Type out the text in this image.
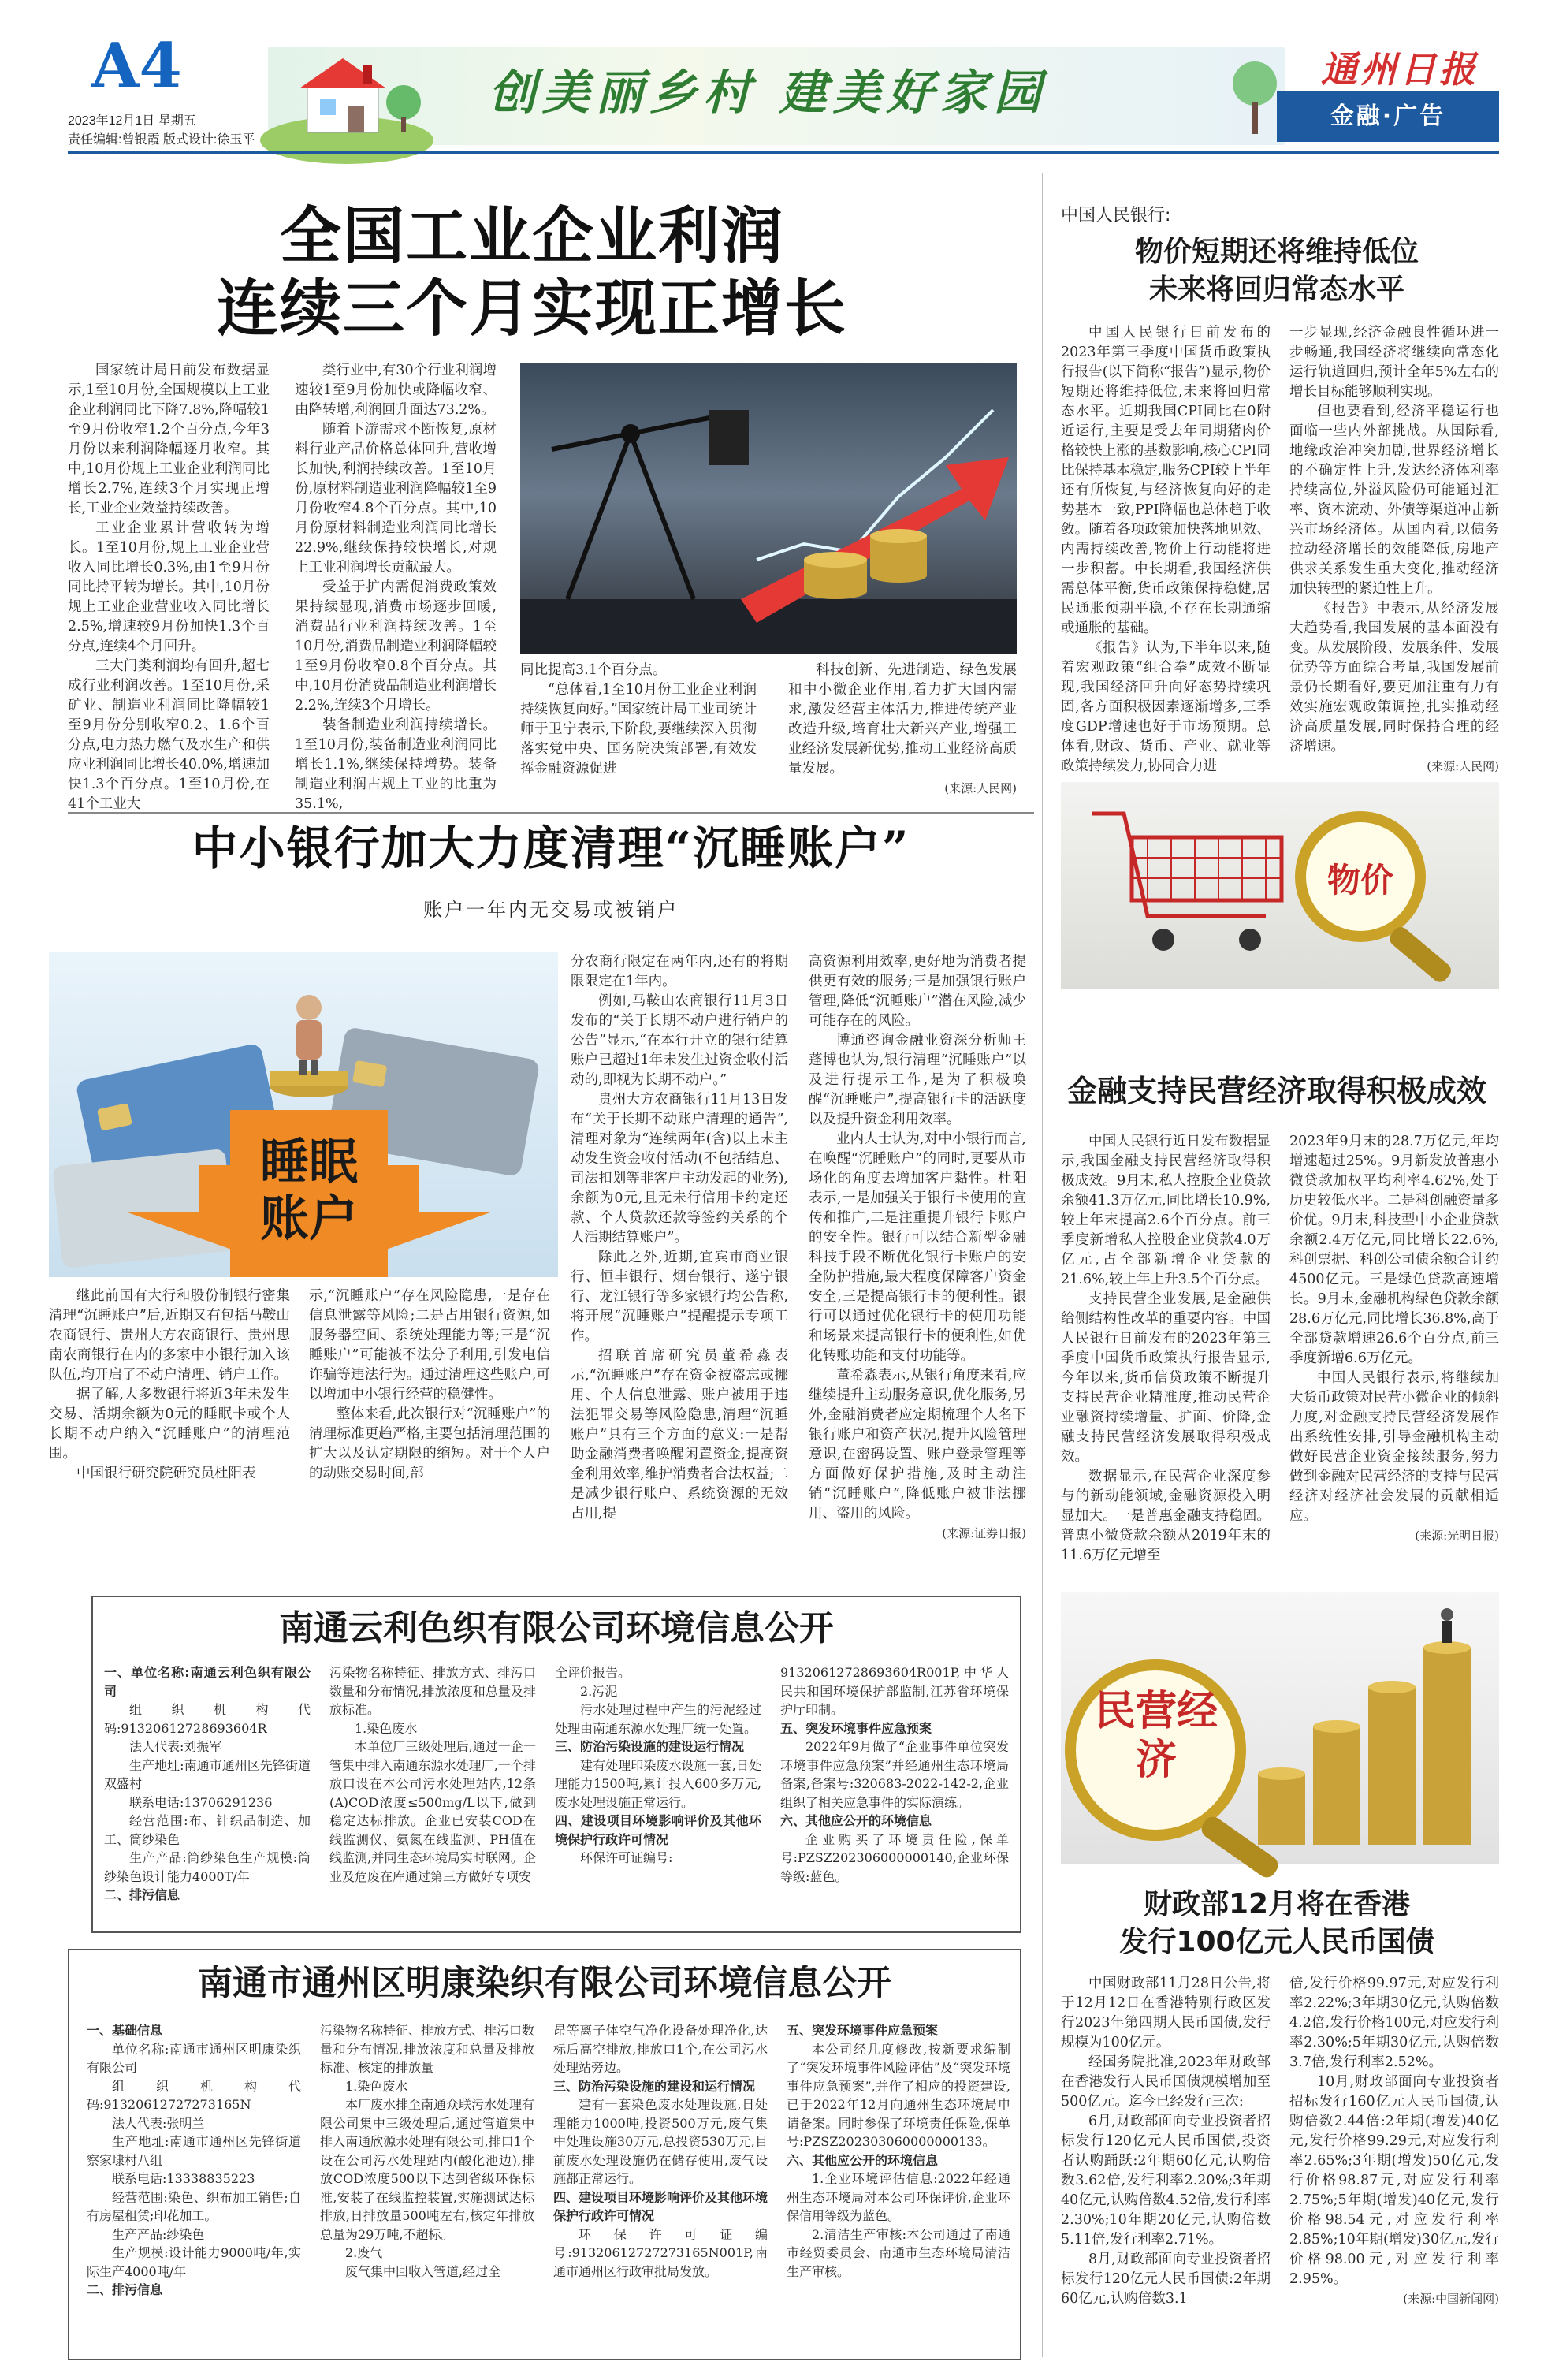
A4
2023年12月1日 星期五
责任编辑:曾银霞 版式设计:徐玉平
创美丽乡村 建美好家园	通州日报
金融·广告
全国工业企业利润
连续三个月实现正增长

国家统计局日前发布数据显示,1至10月份,全国规模以上工业企业利润同比下降7.8%,降幅较1至9月份收窄1.2个百分点,今年3月份以来利润降幅逐月收窄。其中,10月份规上工业企业利润同比增长2.7%,连续3个月实现正增长,工业企业效益持续改善。

工业企业累计营收转为增长。1至10月份,规上工业企业营收入同比增长0.3%,由1至9月份同比持平转为增长。其中,10月份规上工业企业营业收入同比增长2.5%,增速较9月份加快1.3个百分点,连续4个月回升。

三大门类利润均有回升,超七成行业利润改善。1至10月份,采矿业、制造业利润同比降幅较1至9月份分别收窄0.2、1.6个百分点,电力热力燃气及水生产和供应业利润同比增长40.0%,增速加快1.3个百分点。1至10月份,在41个工业大

类行业中,有30个行业利润增速较1至9月份加快或降幅收窄、由降转增,利润回升面达73.2%。

随着下游需求不断恢复,原材料行业产品价格总体回升,营收增长加快,利润持续改善。1至10月份,原材料制造业利润降幅较1至9月份收窄4.8个百分点。其中,10月份原材料制造业利润同比增长22.9%,继续保持较快增长,对规上工业利润增长贡献最大。

受益于扩内需促消费政策效果持续显现,消费市场逐步回暖,消费品行业利润持续改善。1至10月份,消费品制造业利润降幅较1至9月份收窄0.8个百分点。其中,10月份消费品制造业利润增长2.2%,连续3个月增长。

装备制造业利润持续增长。1至10月份,装备制造业利润同比增长1.1%,继续保持增势。装备制造业利润占规上工业的比重为35.1%,

同比提高3.1个百分点。

“总体看,1至10月份工业企业利润持续恢复向好。”国家统计局工业司统计师于卫宁表示,下阶段,要继续深入贯彻落实党中央、国务院决策部署,有效发挥金融资源促进

科技创新、先进制造、绿色发展和中小微企业作用,着力扩大国内需求,激发经营主体活力,推进传统产业改造升级,培育壮大新兴产业,增强工业经济发展新优势,推动工业经济高质量发展。

(来源:人民网)
中国人民银行:
物价短期还将维持低位
未来将回归常态水平

中国人民银行日前发布的2023年第三季度中国货币政策执行报告(以下简称“报告”)显示,物价短期还将维持低位,未来将回归常态水平。近期我国CPI同比在0附近运行,主要是受去年同期猪肉价格较快上涨的基数影响,核心CPI同比保持基本稳定,服务CPI较上半年还有所恢复,与经济恢复向好的走势基本一致,PPI降幅也总体趋于收敛。随着各项政策加快落地见效、内需持续改善,物价上行动能将进一步积蓄。中长期看,我国经济供需总体平衡,货币政策保持稳健,居民通胀预期平稳,不存在长期通缩或通胀的基础。

《报告》认为,下半年以来,随着宏观政策“组合拳”成效不断显现,我国经济回升向好态势持续巩固,各方面积极因素逐渐增多,三季度GDP增速也好于市场预期。总体看,财政、货币、产业、就业等政策持续发力,协同合力进

一步显现,经济金融良性循环进一步畅通,我国经济将继续向常态化运行轨道回归,预计全年5%左右的增长目标能够顺利实现。

但也要看到,经济平稳运行也面临一些内外部挑战。从国际看,地缘政治冲突加剧,世界经济增长的不确定性上升,发达经济体利率持续高位,外溢风险仍可能通过汇率、资本流动、外债等渠道冲击新兴市场经济体。从国内看,以债务拉动经济增长的效能降低,房地产供求关系发生重大变化,推动经济加快转型的紧迫性上升。

《报告》中表示,从经济发展大趋势看,我国发展的基本面没有变。从发展阶段、发展条件、发展优势等方面综合考量,我国发展前景仍长期看好,要更加注重有力有效实施宏观政策调控,扎实推动经济高质量发展,同时保持合理的经济增速。

(来源:人民网)
物价
中小银行加大力度清理“沉睡账户”
账户一年内无交易或被销户
睡眠
账户

继此前国有大行和股份制银行密集清理“沉睡账户”后,近期又有包括马鞍山农商银行、贵州大方农商银行、贵州思南农商银行在内的多家中小银行加入该队伍,均开启了不动户清理、销户工作。

据了解,大多数银行将近3年未发生交易、活期余额为0元的睡眠卡或个人长期不动户纳入“沉睡账户”的清理范围。

中国银行研究院研究员杜阳表

示,“沉睡账户”存在风险隐患,一是存在信息泄露等风险;二是占用银行资源,如服务器空间、系统处理能力等;三是“沉睡账户”可能被不法分子利用,引发电信诈骗等违法行为。通过清理这些账户,可以增加中小银行经营的稳健性。

整体来看,此次银行对“沉睡账户”的清理标准更趋严格,主要包括清理范围的扩大以及认定期限的缩短。对于个人户的动账交易时间,部

分农商行限定在两年内,还有的将期限限定在1年内。

例如,马鞍山农商银行11月3日发布的“关于长期不动户进行销户的公告”显示,“在本行开立的银行结算账户已超过1年未发生过资金收付活动的,即视为长期不动户。”

贵州大方农商银行11月13日发布“关于长期不动账户清理的通告”,清理对象为“连续两年(含)以上未主动发生资金收付活动(不包括结息、司法扣划等非客户主动发起的业务),余额为0元,且无未行信用卡约定还款、个人贷款还款等签约关系的个人活期结算账户”。

除此之外,近期,宜宾市商业银行、恒丰银行、烟台银行、遂宁银行、龙江银行等多家银行均公告称,将开展“沉睡账户”提醒提示专项工作。

招联首席研究员董希淼表示,“沉睡账户”存在资金被盗忘或挪用、个人信息泄露、账户被用于违法犯罪交易等风险隐患,清理“沉睡账户”具有三个方面的意义:一是帮助金融消费者唤醒闲置资金,提高资金利用效率,维护消费者合法权益;二是减少银行账户、系统资源的无效占用,提

高资源利用效率,更好地为消费者提供更有效的服务;三是加强银行账户管理,降低“沉睡账户”潜在风险,减少可能存在的风险。

博通咨询金融业资深分析师王蓬博也认为,银行清理“沉睡账户”以及进行提示工作,是为了积极唤醒“沉睡账户”,提高银行卡的活跃度以及提升资金利用效率。

业内人士认为,对中小银行而言,在唤醒“沉睡账户”的同时,更要从市场化的角度去增加客户黏性。杜阳表示,一是加强关于银行卡使用的宣传和推广,二是注重提升银行卡账户的安全性。银行可以结合新型金融科技手段不断优化银行卡账户的安全防护措施,最大程度保障客户资金安全,三是提高银行卡的便利性。银行可以通过优化银行卡的使用功能和场景来提高银行卡的便利性,如优化转账功能和支付功能等。

董希淼表示,从银行角度来看,应继续提升主动服务意识,优化服务,另外,金融消费者应定期梳理个人名下银行账户和资产状况,提升风险管理意识,在密码设置、账户登录管理等方面做好保护措施,及时主动注销“沉睡账户”,降低账户被非法挪用、盗用的风险。

(来源:证券日报)
金融支持民营经济取得积极成效

中国人民银行近日发布数据显示,我国金融支持民营经济取得积极成效。9月末,私人控股企业贷款余额41.3万亿元,同比增长10.9%,较上年末提高2.6个百分点。前三季度新增私人控股企业贷款4.0万亿元,占全部新增企业贷款的21.6%,较上年上升3.5个百分点。

支持民营企业发展,是金融供给侧结构性改革的重要内容。中国人民银行日前发布的2023年第三季度中国货币政策执行报告显示,今年以来,货币信贷政策不断提升支持民营企业精准度,推动民营企业融资持续增量、扩面、价降,金融支持民营经济发展取得积极成效。

数据显示,在民营企业深度参与的新动能领域,金融资源投入明显加大。一是普惠金融支持稳固。普惠小微贷款余额从2019年末的11.6万亿元增至

2023年9月末的28.7万亿元,年均增速超过25%。9月新发放普惠小微贷款加权平均利率4.62%,处于历史较低水平。二是科创融资量多价优。9月末,科技型中小企业贷款余额2.4万亿元,同比增长22.6%,科创票据、科创公司债余额合计约4500亿元。三是绿色贷款高速增长。9月末,金融机构绿色贷款余额28.6万亿元,同比增长36.8%,高于全部贷款增速26.6个百分点,前三季度新增6.6万亿元。

中国人民银行表示,将继续加大货币政策对民营小微企业的倾斜力度,对金融支持民营经济发展作出系统性安排,引导金融机构主动做好民营企业资金接续服务,努力做到金融对民营经济的支持与民营经济对经济社会发展的贡献相适应。

(来源:光明日报)
民营经济
财政部12月将在香港
发行100亿元人民币国债

中国财政部11月28日公告,将于12月12日在香港特别行政区发行2023年第四期人民币国债,发行规模为100亿元。

经国务院批准,2023年财政部在香港发行人民币国债规模增加至500亿元。迄今已经发行三次:

6月,财政部面向专业投资者招标发行120亿元人民币国债,投资者认购踊跃:2年期60亿元,认购倍数3.62倍,发行利率2.20%;3年期40亿元,认购倍数4.52倍,发行利率2.30%;10年期20亿元,认购倍数5.11倍,发行利率2.71%。

8月,财政部面向专业投资者招标发行120亿元人民币国债:2年期60亿元,认购倍数3.1

倍,发行价格99.97元,对应发行利率2.22%;3年期30亿元,认购倍数4.2倍,发行价格100元,对应发行利率2.30%;5年期30亿元,认购倍数3.7倍,发行利率2.52%。

10月,财政部面向专业投资者招标发行160亿元人民币国债,认购倍数2.44倍:2年期(增发)40亿元,发行价格99.29元,对应发行利率2.65%;3年期(增发)50亿元,发行价格98.87元,对应发行利率2.75%;5年期(增发)40亿元,发行价格98.54元,对应发行利率2.85%;10年期(增发)30亿元,发行价格98.00元,对应发行利率2.95%。

(来源:中国新闻网)
南通云利色织有限公司环境信息公开

一、单位名称:南通云利色织有限公司

组织机构代码:91320612728693604R

法人代表:刘振军

生产地址:南通市通州区先锋街道双盛村

联系电话:13706291236

经营范围:布、针织品制造、加工、筒纱染色

生产产品:筒纱染色生产规模:筒纱染色设计能力4000T/年

二、排污信息

污染物名称特征、排放方式、排污口数量和分布情况,排放浓度和总量及排放标准。

1.染色废水

本单位厂三级处理后,通过一企一管集中排入南通东源水处理厂,一个排放口设在本公司污水处理站内,12条(A)COD浓度≤500mg/L以下,做到稳定达标排放。企业已安装COD在线监测仪、氨氮在线监测、PH值在线监测,并同生态环境局实时联网。企业及危废在库通过第三方做好专项安

全评价报告。

2.污泥

污水处理过程中产生的污泥经过处理由南通东源水处理厂统一处置。

三、防治污染设施的建设运行情况

建有处理印染废水设施一套,日处理能力1500吨,累计投入600多万元,废水处理设施正常运行。

四、建设项目环境影响评价及其他环境保护行政许可情况

环保许可证编号:

91320612728693604R001P,中华人民共和国环境保护部监制,江苏省环境保护厅印制。

五、突发环境事件应急预案

2022年9月做了“企业事件单位突发环境事件应急预案”并经通州生态环境局备案,备案号:320683-2022-142-2,企业组织了相关应急事件的实际演练。

六、其他应公开的环境信息

企业购买了环境责任险,保单号:PZSZ202306000000140,企业环保等级:蓝色。

南通市通州区明康染织有限公司环境信息公开

一、基础信息

单位名称:南通市通州区明康染织有限公司

组织机构代码:91320612727273165N

法人代表:张明兰

生产地址:南通市通州区先锋街道察家埭村八组

联系电话:13338835223

经营范围:染色、织布加工销售;自有房屋租赁;印花加工。

生产产品:纱染色

生产规模:设计能力9000吨/年,实际生产4000吨/年

二、排污信息

污染物名称特征、排放方式、排污口数量和分布情况,排放浓度和总量及排放标准、核定的排放量

1.染色废水

本厂废水排至南通众联污水处理有限公司集中三级处理后,通过管道集中排入南通欣源水处理有限公司,排口1个设在公司污水处理站内(酸化池边),排放COD浓度500以下达到省级环保标准,安装了在线监控装置,实施测试达标排放,日排放量500吨左右,核定年排放总量为29万吨,不超标。

2.废气

废气集中回收入管道,经过全

昂等离子体空气净化设备处理净化,达标后高空排放,排放口1个,在公司污水处理站旁边。

三、防治污染设施的建设和运行情况

建有一套染色废水处理设施,日处理能力1000吨,投资500万元,废气集中处理设施30万元,总投资530万元,目前废水处理设施仍在储存使用,废气设施都正常运行。

四、建设项目环境影响评价及其他环境保护行政许可情况

环保许可证编号:91320612727273165N001P,南通市通州区行政审批局发放。

五、突发环境事件应急预案

本公司经几度修改,按新要求编制了“突发环境事件风险评估”及“突发环境事件应急预案”,并作了相应的投资建设,已于2022年12月向通州生态环境局申请备案。同时参保了环境责任保险,保单号:PZSZ202303060000000133。

六、其他应公开的环境信息

1.企业环境评估信息:2022年经通州生态环境局对本公司环保评价,企业环保信用等级为蓝色。

2.清洁生产审核:本公司通过了南通市经贸委员会、南通市生态环境局清洁生产审核。
